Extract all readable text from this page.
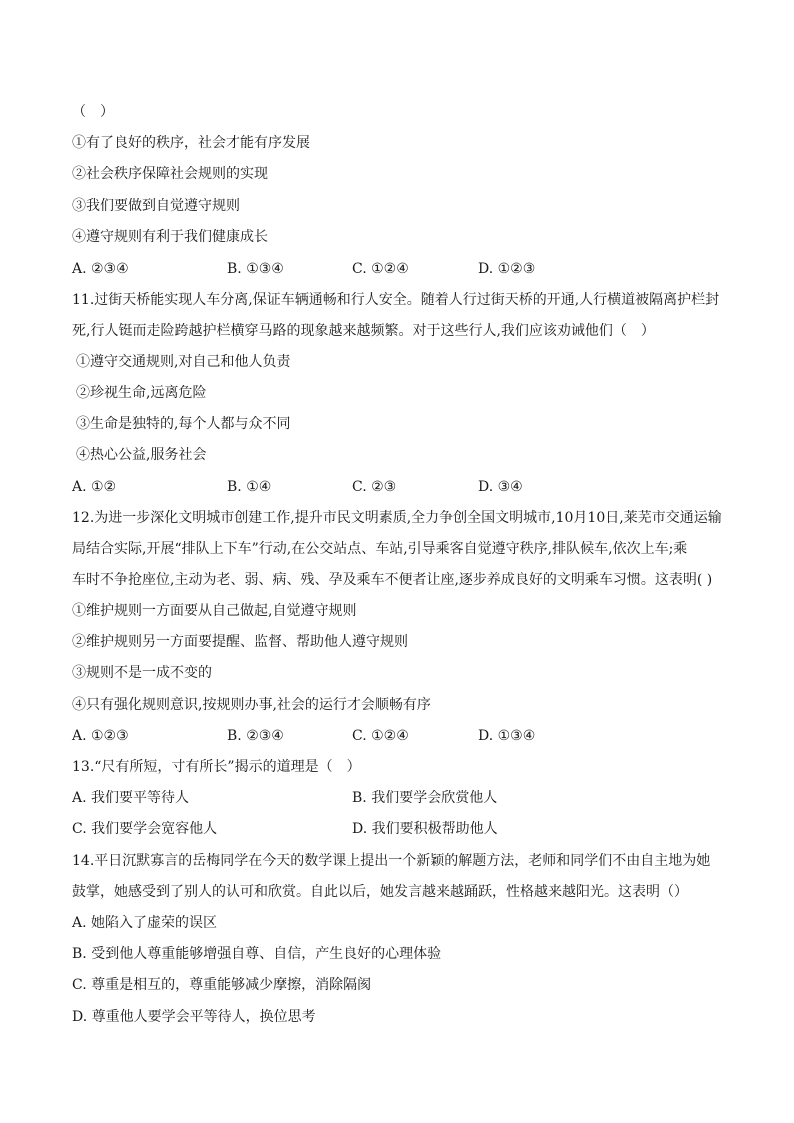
（　）
①有了良好的秩序，社会才能有序发展
②社会秩序保障社会规则的实现
③我们要做到自觉遵守规则
④遵守规则有利于我们健康成长
A. ②③④	B. ①③④	C. ①②④	D. ①②③
11.过街天桥能实现人车分离,保证车辆通畅和行人安全。随着人行过街天桥的开通,人行横道被隔离护栏封
死,行人铤而走险跨越护栏横穿马路的现象越来越频繁。对于这些行人,我们应该劝诫他们（　）
①遵守交通规则,对自己和他人负责
②珍视生命,远离危险
③生命是独特的,每个人都与众不同
④热心公益,服务社会
A. ①②	B. ①④	C. ②③	D. ③④
12.为进一步深化文明城市创建工作,提升市民文明素质,全力争创全国文明城市,10月10日,莱芜市交通运输
局结合实际,开展“排队上下车”行动,在公交站点、车站,引导乘客自觉遵守秩序,排队候车,依次上车;乘
车时不争抢座位,主动为老、弱、病、残、孕及乘车不便者让座,逐步养成良好的文明乘车习惯。这表明( )
①维护规则一方面要从自己做起,自觉遵守规则
②维护规则另一方面要提醒、监督、帮助他人遵守规则
③规则不是一成不变的
④只有强化规则意识,按规则办事,社会的运行才会顺畅有序
A. ①②③	B. ②③④	C. ①②④	D. ①③④
13.“尺有所短，寸有所长”揭示的道理是（　）
A. 我们要平等待人	B. 我们要学会欣赏他人
C. 我们要学会宽容他人	D. 我们要积极帮助他人
14.平日沉默寡言的岳梅同学在今天的数学课上提出一个新颖的解题方法，老师和同学们不由自主地为她
鼓掌，她感受到了别人的认可和欣赏。自此以后，她发言越来越踊跃，性格越来越阳光。这表明（）
A. 她陷入了虚荣的误区
B. 受到他人尊重能够增强自尊、自信，产生良好的心理体验
C. 尊重是相互的，尊重能够减少摩擦，消除隔阂
D. 尊重他人要学会平等待人，换位思考
